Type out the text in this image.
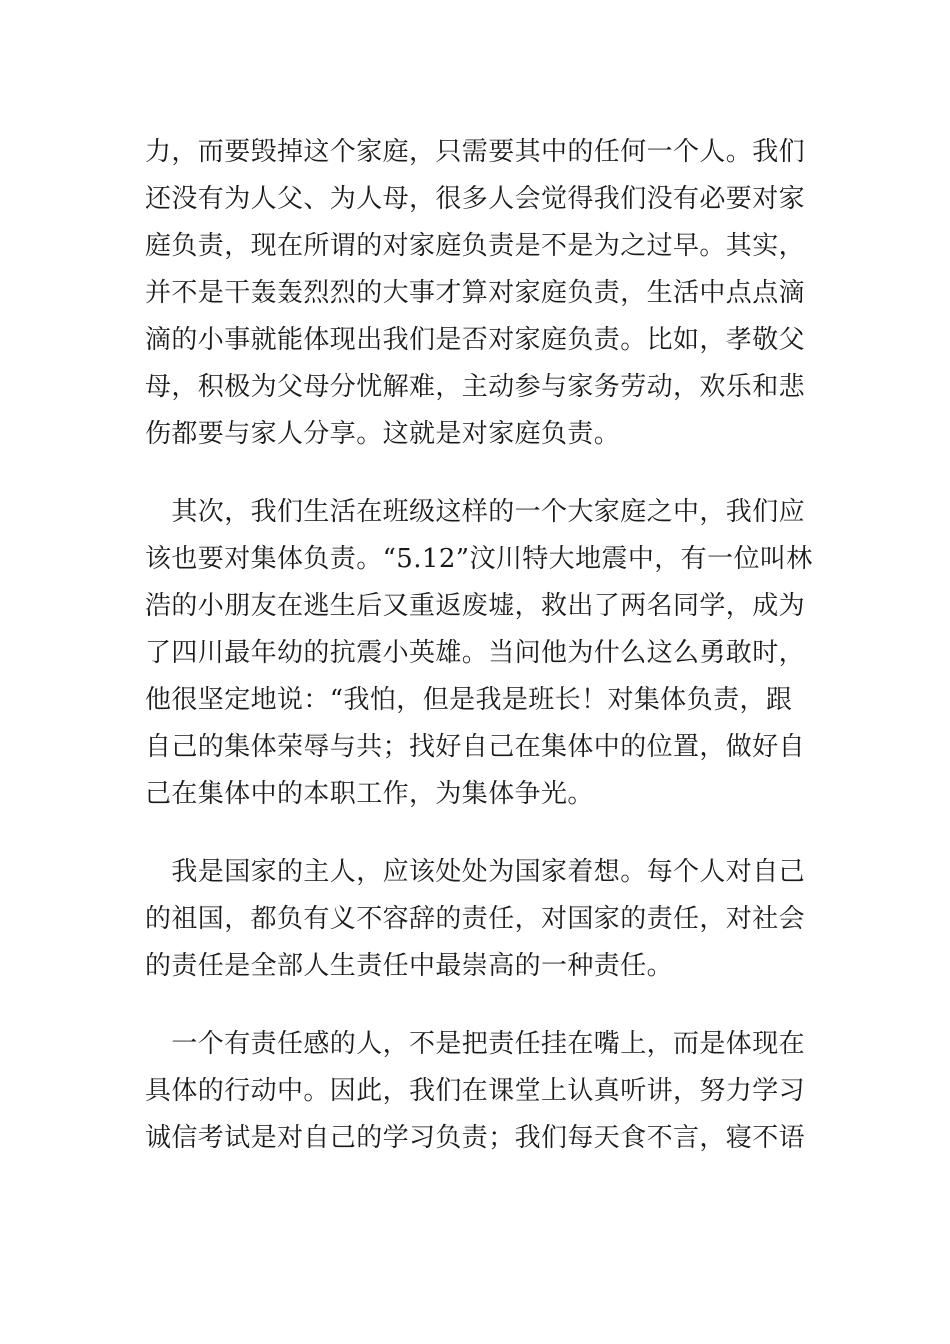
力，而要毁掉这个家庭，只需要其中的任何一个人。我们
还没有为人父、为人母，很多人会觉得我们没有必要对家
庭负责，现在所谓的对家庭负责是不是为之过早。其实，
并不是干轰轰烈烈的大事才算对家庭负责，生活中点点滴
滴的小事就能体现出我们是否对家庭负责。比如，孝敬父
母，积极为父母分忧解难，主动参与家务劳动，欢乐和悲
伤都要与家人分享。这就是对家庭负责。
　其次，我们生活在班级这样的一个大家庭之中，我们应
该也要对集体负责。“5.12”汶川特大地震中，有一位叫林
浩的小朋友在逃生后又重返废墟，救出了两名同学，成为
了四川最年幼的抗震小英雄。当问他为什么这么勇敢时，
他很坚定地说：“我怕，但是我是班长！对集体负责，跟
自己的集体荣辱与共；找好自己在集体中的位置，做好自
己在集体中的本职工作，为集体争光。
　我是国家的主人，应该处处为国家着想。每个人对自己
的祖国，都负有义不容辞的责任，对国家的责任，对社会
的责任是全部人生责任中最崇高的一种责任。
　一个有责任感的人，不是把责任挂在嘴上，而是体现在
具体的行动中。因此，我们在课堂上认真听讲，努力学习
诚信考试是对自己的学习负责；我们每天食不言，寝不语
